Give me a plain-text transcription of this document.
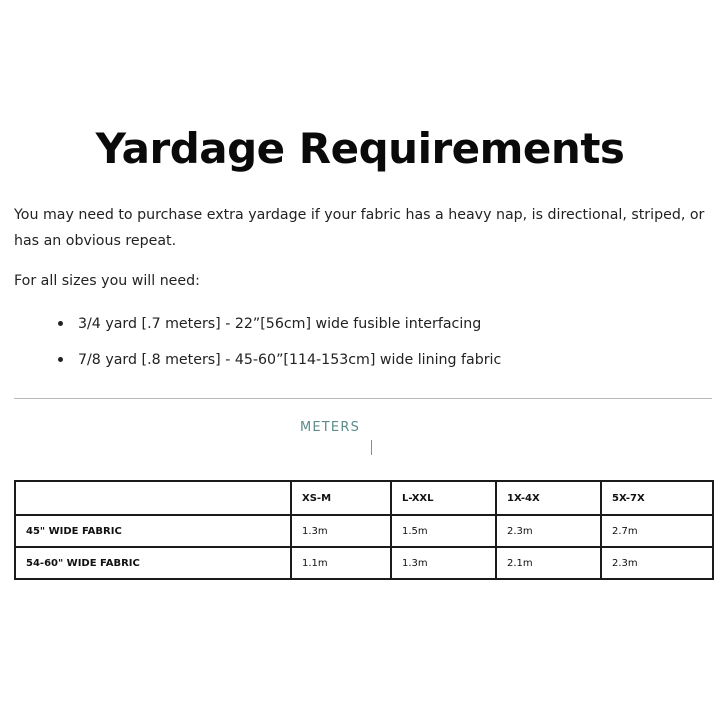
Yardage Requirements

You may need to purchase extra yardage if your fabric has a heavy nap, is directional, striped, or has an obvious repeat.

For all sizes you will need:

3/4 yard [.7 meters] - 22”[56cm] wide fusible interfacing
7/8 yard [.8 meters] - 45-60”[114-153cm] wide lining fabric
METERS
	XS-M	L-XXL	1X-4X	5X-7X
45" WIDE FABRIC	1.3m	1.5m	2.3m	2.7m
54-60" WIDE FABRIC	1.1m	1.3m	2.1m	2.3m
